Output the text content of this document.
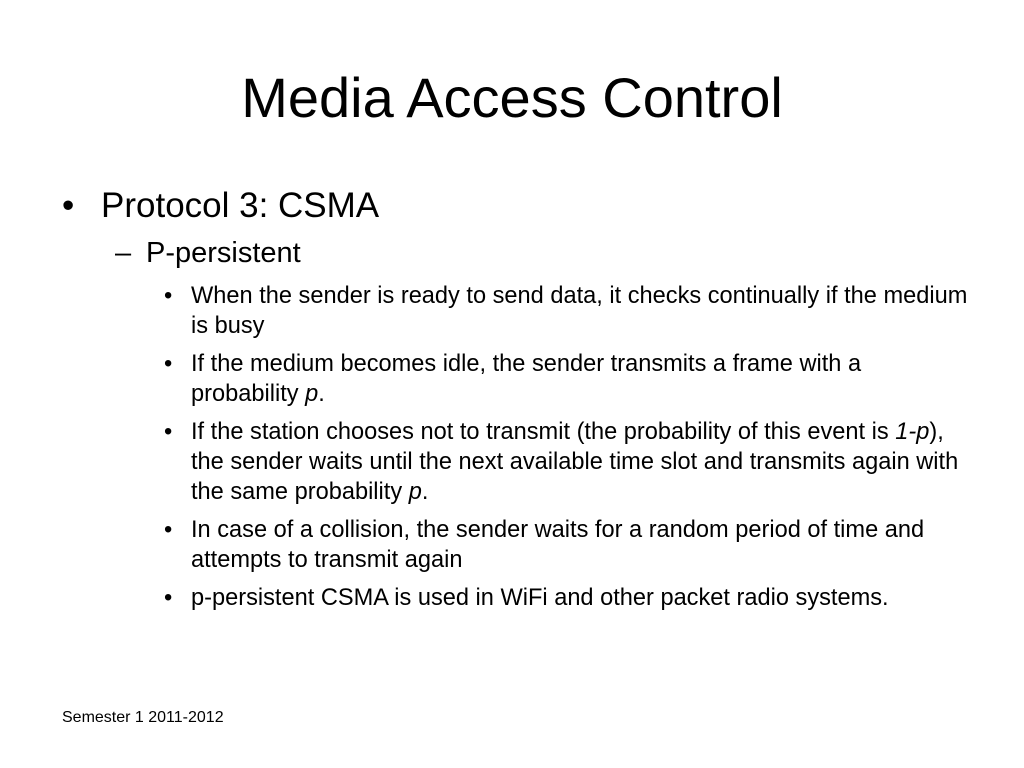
Media Access Control
• Protocol 3: CSMA
– P-persistent
• When the sender is ready to send data, it checks continually if the medium is busy
• If the medium becomes idle, the sender transmits a frame with a probability p.
• If the station chooses not to transmit (the probability of this event is 1-p), the sender waits until the next available time slot and transmits again with the same probability p.
• In case of a collision, the sender waits for a random period of time and attempts to transmit again
• p-persistent CSMA is used in WiFi and other packet radio systems.
Semester 1 2011-2012
